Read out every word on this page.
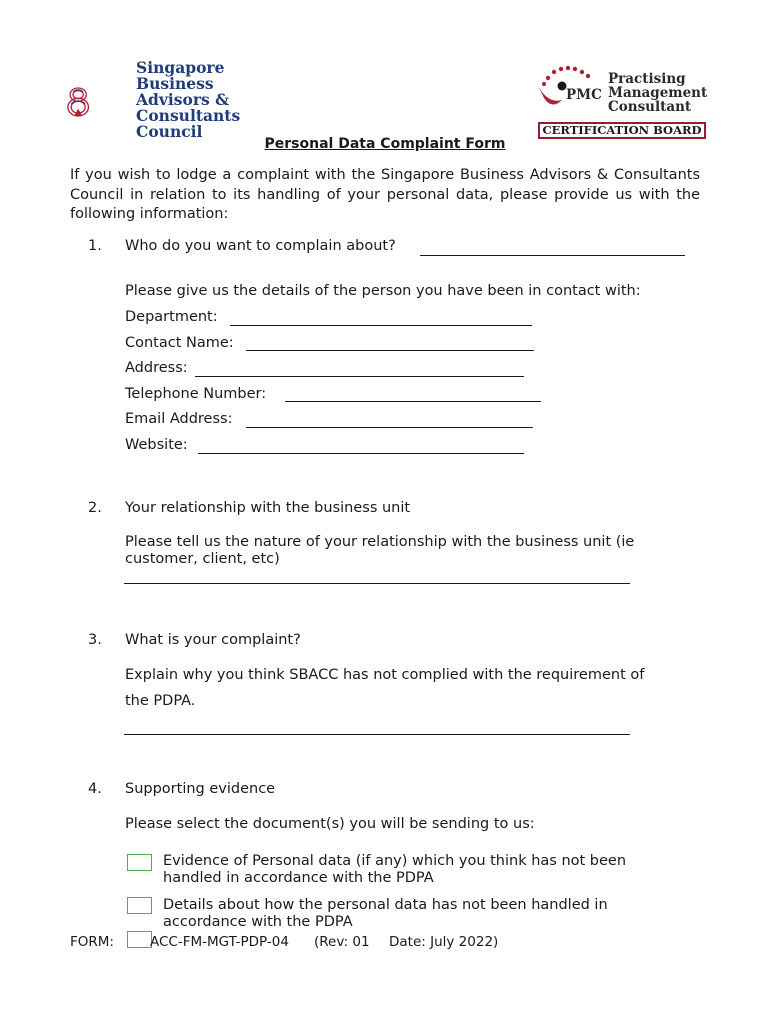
Singapore
Business
Advisors &
Consultants
Council
PMC
Practising
Management
Consultant
CERTIFICATION BOARD
Personal Data Complaint Form
If you wish to lodge a complaint with the Singapore Business Advisors & Consultants Council in relation to its handling of your personal data, please provide us with the following information:
1. Who do you want to complain about?
Please give us the details of the person you have been in contact with:
Department:
Contact Name:
Address:
Telephone Number:
Email Address:
Website:
2. Your relationship with the business unit
Please tell us the nature of your relationship with the business unit (ie customer, client, etc)
3. What is your complaint?
Explain why you think SBACC has not complied with the requirement of
the PDPA.
4. Supporting evidence
Please select the document(s) you will be sending to us:
Evidence of Personal data (if any) which you think has not been handled in accordance with the PDPA
Details about how the personal data has not been handled in accordance with the PDPA
FORM:	ACC-FM-MGT-PDP-04 (Rev: 01 Date: July 2022)
